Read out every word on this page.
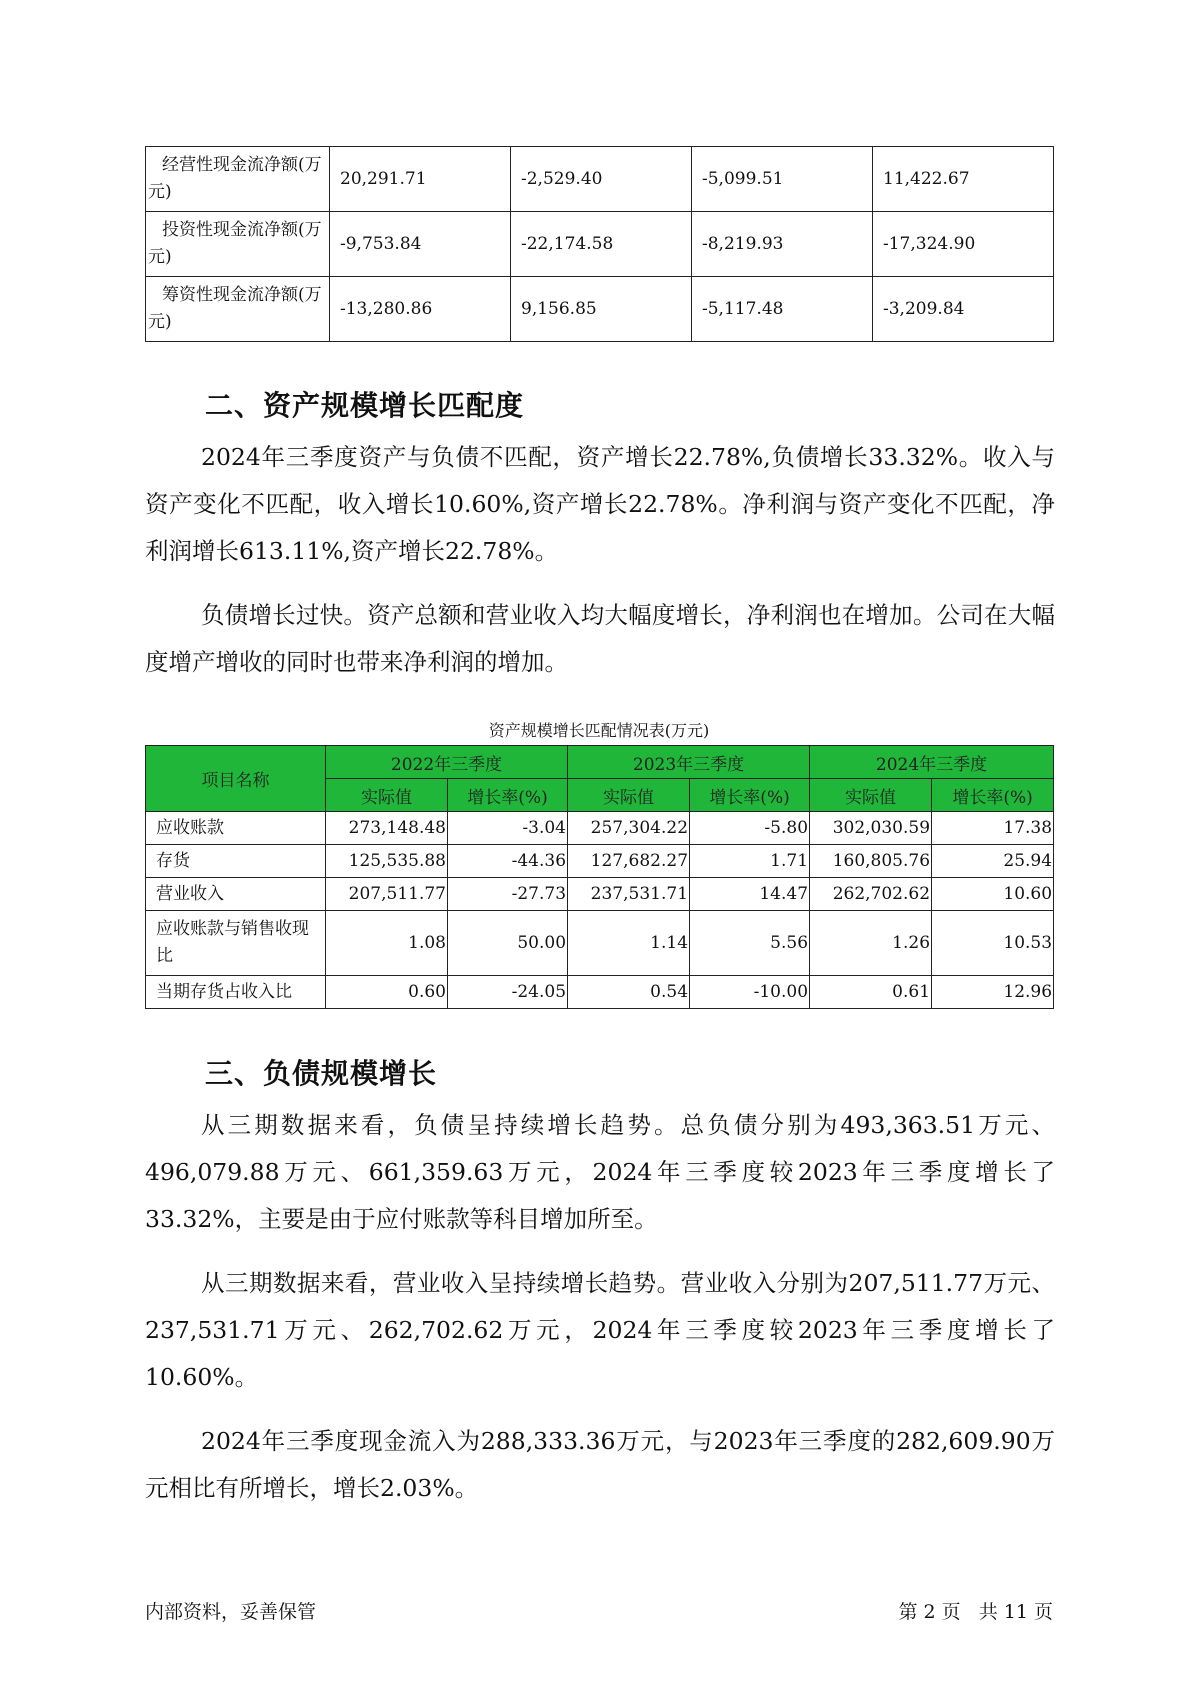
经营性现金流净额(万元)	20,291.71	-2,529.40	-5,099.51	11,422.67
投资性现金流净额(万元)	-9,753.84	-22,174.58	-8,219.93	-17,324.90
筹资性现金流净额(万元)	-13,280.86	9,156.85	-5,117.48	-3,209.84
二、资产规模增长匹配度

2024年三季度资产与负债不匹配，资产增长22.78%,负债增长33.32%。收入与资产变化不匹配，收入增长10.60%,资产增长22.78%。净利润与资产变化不匹配，净利润增长613.11%,资产增长22.78%。

负债增长过快。资产总额和营业收入均大幅度增长，净利润也在增加。公司在大幅度增产增收的同时也带来净利润的增加。

资产规模增长匹配情况表(万元)
项目名称	2022年三季度		2023年三季度		2024年三季度	
	实际值	增长率(%)	实际值	增长率(%)	实际值	增长率(%)
应收账款	273,148.48	-3.04	257,304.22	-5.80	302,030.59	17.38
存货	125,535.88	-44.36	127,682.27	1.71	160,805.76	25.94
营业收入	207,511.77	-27.73	237,531.71	14.47	262,702.62	10.60
应收账款与销售收现比	1.08	50.00	1.14	5.56	1.26	10.53
当期存货占收入比	0.60	-24.05	0.54	-10.00	0.61	12.96
三、负债规模增长

从三期数据来看，负债呈持续增长趋势。总负债分别为493,363.51万元、496,079.88万元、661,359.63万元，2024年三季度较2023年三季度增长了33.32%，主要是由于应付账款等科目增加所至。

从三期数据来看，营业收入呈持续增长趋势。营业收入分别为207,511.77万元、237,531.71万元、262,702.62万元，2024年三季度较2023年三季度增长了10.60%。

2024年三季度现金流入为288,333.36万元，与2023年三季度的282,609.90万元相比有所增长，增长2.03%。

内部资料，妥善保管	第 2 页   共 11 页
